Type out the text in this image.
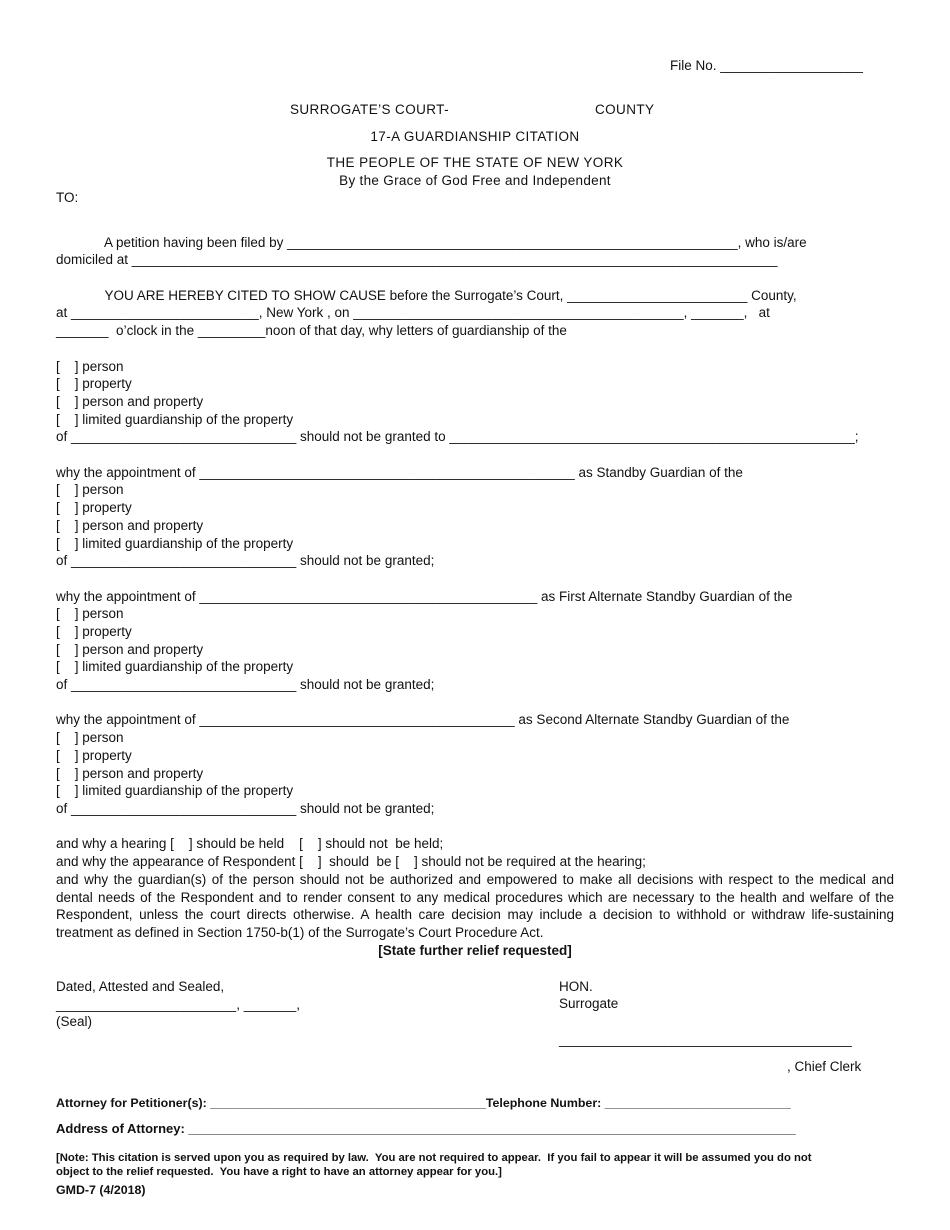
File No. ___________________
SURROGATE’S COURT-	COUNTY
17-A GUARDIANSHIP CITATION
THE PEOPLE OF THE STATE OF NEW YORK
By the Grace of God Free and Independent
TO:
A petition having been filed by ____________________________________________________________, who is/are
domiciled at ______________________________________________________________________________________
YOU ARE HEREBY CITED TO SHOW CAUSE before the Surrogate’s Court, ________________________ County,
at _________________________, New York , on ____________________________________________, _______,   at
_______  o’clock in the _________noon of that day, why letters of guardianship of the
[    ] person
[    ] property
[    ] person and property
[    ] limited guardianship of the property
of ______________________________ should not be granted to ______________________________________________________;
why the appointment of __________________________________________________ as Standby Guardian of the
[    ] person
[    ] property
[    ] person and property
[    ] limited guardianship of the property
of ______________________________ should not be granted;
why the appointment of _____________________________________________ as First Alternate Standby Guardian of the
[    ] person
[    ] property
[    ] person and property
[    ] limited guardianship of the property
of ______________________________ should not be granted;
why the appointment of __________________________________________ as Second Alternate Standby Guardian of the
[    ] person
[    ] property
[    ] person and property
[    ] limited guardianship of the property
of ______________________________ should not be granted;
and why a hearing [    ] should be held    [    ] should not  be held;
and why the appearance of Respondent [    ]  should  be [    ] should not be required at the hearing;
and why the guardian(s) of the person should not be authorized and empowered to make all decisions with respect to the medical and dental needs of the Respondent and to render consent to any medical procedures which are necessary to the health and welfare of the Respondent, unless the court directs otherwise. A health care decision may include a decision to withhold or withdraw life-sustaining treatment as defined in Section 1750-b(1) of the Surrogate’s Court Procedure Act.
[State further relief requested]
Dated, Attested and Sealed,
________________________, _______,
(Seal)
HON.
Surrogate
_______________________________________
, Chief Clerk
Attorney for Petitioner(s): ________________________________________Telephone Number: ___________________________
Address of Attorney: ____________________________________________________________________________________
[Note: This citation is served upon you as required by law.  You are not required to appear.  If you fail to appear it will be assumed you do not
object to the relief requested.  You have a right to have an attorney appear for you.]
GMD-7 (4/2018)
